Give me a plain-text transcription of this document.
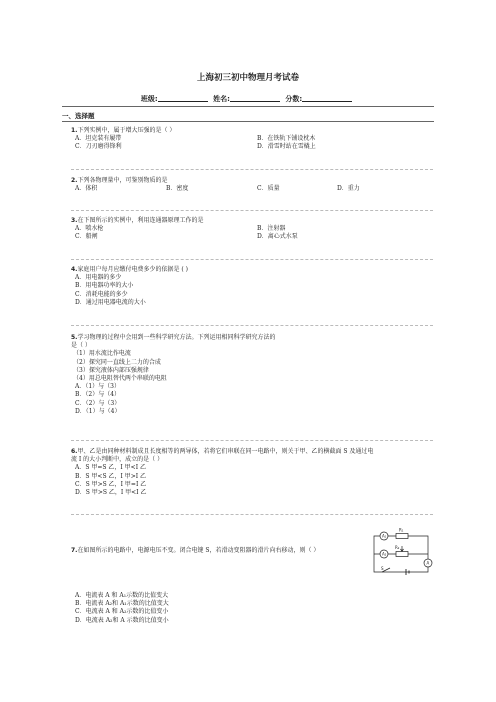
上海初三初中物理月考试卷
班级:	姓名:	分数:
一、选择题
1.下列实例中，属于增大压强的是（ ）
A．坦克装有履带	B．在铁轨下铺设枕木
C．刀刃磨得锋利	D．滑雪时站在雪橇上
2.下列各物理量中，可鉴别物质的是
A．体积	B．密度	C．质量	D．重力
3.在下图所示的实例中，利用连通器原理工作的是
A．喷水枪	B．注射器
C．船闸	D．离心式水泵
4.家庭用户每月应缴付电费多少的依据是 ( )
A．用电器的多少
B．用电器功率的大小
C．消耗电能的多少
D．通过用电器电流的大小
5.学习物理的过程中会用到一些科学研究方法。下列运用相同科学研究方法的
是（ ）
（1）用水流比作电流
（2）探究同一直线上二力的合成
（3）探究液体内部压强规律
（4）用总电阻替代两个串联的电阻
A．（1）与（3）
B．（2）与（4）
C．（2）与（3）
D．（1）与（4）
6.甲、乙是由同种材料制成且长度相等的两导体，若将它们串联在同一电路中，则关于甲、乙的横截面 S 及通过电
流 I 的大小判断中，成立的是（ ）
A．S 甲=S 乙，I 甲<I 乙
B．S 甲<S 乙，I 甲>I 乙
C．S 甲>S 乙，I 甲=I 乙
D．S 甲>S 乙，I 甲<I 乙
7.在如图所示的电路中，电源电压不变。闭合电键 S，若滑动变阻器的滑片向右移动，则（ ）
A．电流表 A 和 A₁示数的比值变大
B．电流表 A₂和 A₁示数的比值变大
C．电流表 A 和 A₂示数的比值变小
D．电流表 A₂和 A 示数的比值变小
A₁
A₂
A
R₁
R₂
S
